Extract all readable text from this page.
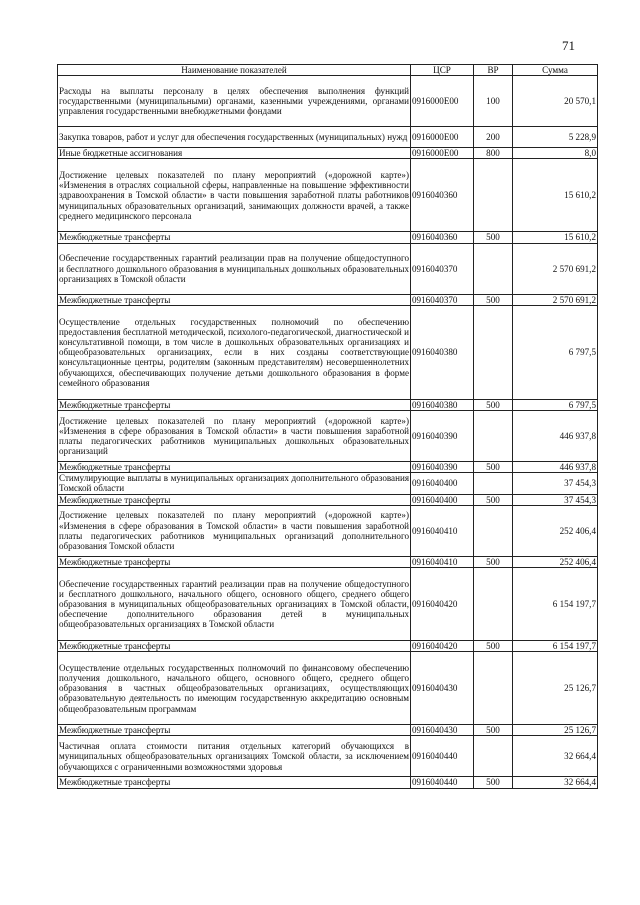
71
Наименование показателей	ЦСР	ВР	Сумма
Расходы на выплаты персоналу в целях обеспечения выполнения функций государственными (муниципальными) органами, казенными учреждениями, органами управления государственными внебюджетными фондами	0916000Е00	100	20 570,1
Закупка товаров, работ и услуг для обеспечения государственных (муниципальных) нужд	0916000Е00	200	5 228,9
Иные бюджетные ассигнования	0916000Е00	800	8,0
Достижение целевых показателей по плану мероприятий («дорожной карте») «Изменения в отраслях социальной сферы, направленные на повышение эффективности здравоохранения в Томской области» в части повышения заработной платы работников муниципальных образовательных организаций, занимающих должности врачей, а также среднего медицинского персонала	0916040360		15 610,2
Межбюджетные трансферты	0916040360	500	15 610,2
Обеспечение государственных гарантий реализации прав на получение общедоступного и бесплатного дошкольного образования в муниципальных дошкольных образовательных организациях в Томской области	0916040370		2 570 691,2
Межбюджетные трансферты	0916040370	500	2 570 691,2
Осуществление отдельных государственных полномочий по обеспечению предоставления бесплатной методической, психолого-педагогической, диагностической и консультативной помощи, в том числе в дошкольных образовательных организациях и общеобразовательных организациях, если в них созданы соответствующие консультационные центры, родителям (законным представителям) несовершеннолетних обучающихся, обеспечивающих получение детьми дошкольного образования в форме семейного образования	0916040380		6 797,5
Межбюджетные трансферты	0916040380	500	6 797,5
Достижение целевых показателей по плану мероприятий («дорожной карте») «Изменения в сфере образования в Томской области» в части повышения заработной платы педагогических работников муниципальных дошкольных образовательных организаций	0916040390		446 937,8
Межбюджетные трансферты	0916040390	500	446 937,8
Стимулирующие выплаты в муниципальных организациях дополнительного образования Томской области	0916040400		37 454,3
Межбюджетные трансферты	0916040400	500	37 454,3
Достижение целевых показателей по плану мероприятий («дорожной карте») «Изменения в сфере образования в Томской области» в части повышения заработной платы педагогических работников муниципальных организаций дополнительного образования Томской области	0916040410		252 406,4
Межбюджетные трансферты	0916040410	500	252 406,4
Обеспечение государственных гарантий реализации прав на получение общедоступного и бесплатного дошкольного, начального общего, основного общего, среднего общего образования в муниципальных общеобразовательных организациях в Томской области, обеспечение дополнительного образования детей в муниципальных общеобразовательных организациях в Томской области	0916040420		6 154 197,7
Межбюджетные трансферты	0916040420	500	6 154 197,7
Осуществление отдельных государственных полномочий по финансовому обеспечению получения дошкольного, начального общего, основного общего, среднего общего образования в частных общеобразовательных организациях, осуществляющих образовательную деятельность по имеющим государственную аккредитацию основным общеобразовательным программам	0916040430		25 126,7
Межбюджетные трансферты	0916040430	500	25 126,7
Частичная оплата стоимости питания отдельных категорий обучающихся в муниципальных общеобразовательных организациях Томской области, за исключением обучающихся с ограниченными возможностями здоровья	0916040440		32 664,4
Межбюджетные трансферты	0916040440	500	32 664,4
